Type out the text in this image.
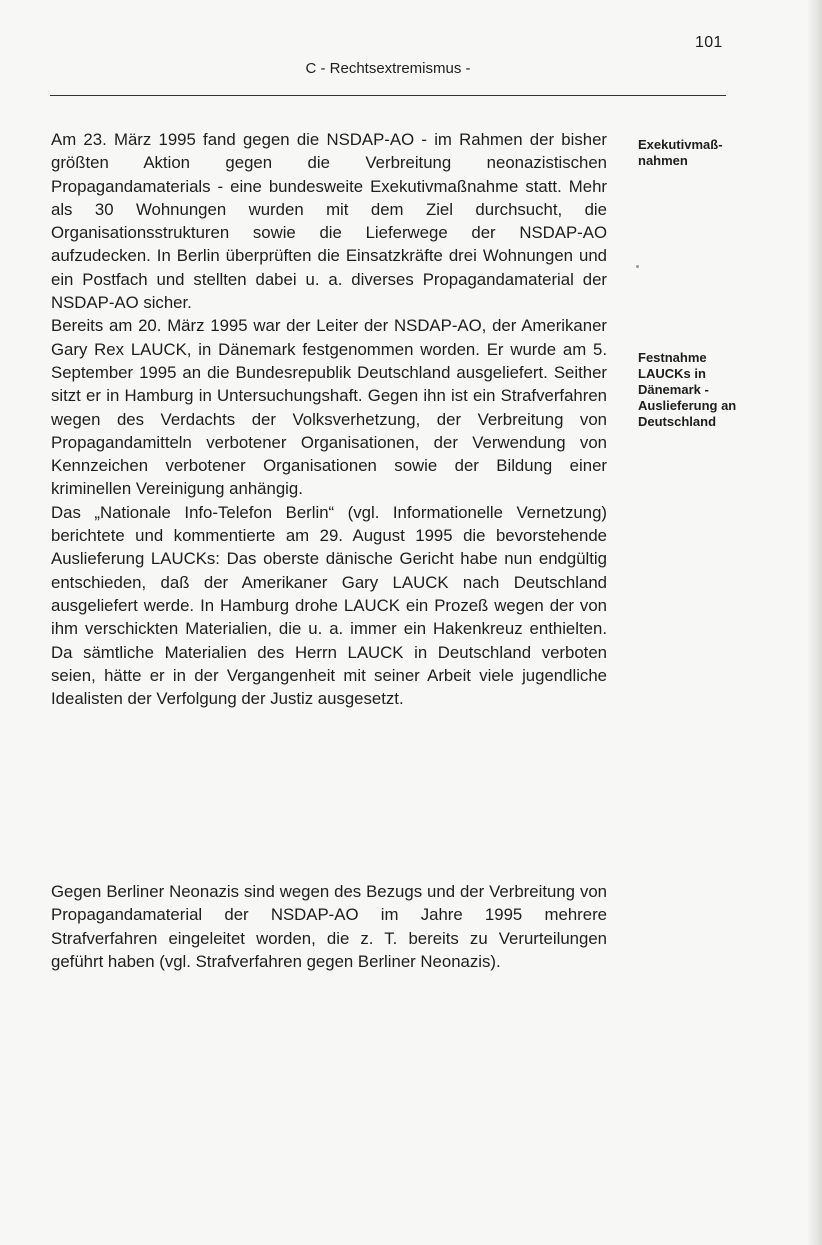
101
C - Rechtsextremismus -

Am 23. März 1995 fand gegen die NSDAP-AO - im Rahmen der bisher größten Aktion gegen die Verbreitung neonazistischen Propagandamaterials - eine bundesweite Exekutivmaßnahme statt. Mehr als 30 Wohnungen wurden mit dem Ziel durchsucht, die Organisationsstrukturen sowie die Lieferwege der NSDAP-AO aufzudecken. In Berlin überprüften die Einsatzkräfte drei Wohnungen und ein Postfach und stellten dabei u. a. diverses Propagandamaterial der NSDAP-AO sicher.

Bereits am 20. März 1995 war der Leiter der NSDAP-AO, der Amerikaner Gary Rex LAUCK, in Dänemark festgenommen worden. Er wurde am 5. September 1995 an die Bundesrepublik Deutschland ausgeliefert. Seither sitzt er in Hamburg in Untersuchungshaft. Gegen ihn ist ein Strafverfahren wegen des Verdachts der Volksverhetzung, der Verbreitung von Propagandamitteln verbotener Organisationen, der Verwendung von Kennzeichen verbotener Organisationen sowie der Bildung einer kriminellen Vereinigung anhängig.

Das „Nationale Info-Telefon Berlin“ (vgl. Informationelle Vernetzung) berichtete und kommentierte am 29. August 1995 die bevorstehende Auslieferung LAUCKs: Das oberste dänische Gericht habe nun endgültig entschieden, daß der Amerikaner Gary LAUCK nach Deutschland ausgeliefert werde. In Hamburg drohe LAUCK ein Prozeß wegen der von ihm verschickten Materialien, die u. a. immer ein Hakenkreuz enthielten. Da sämtliche Materialien des Herrn LAUCK in Deutschland verboten seien, hätte er in der Vergangenheit mit seiner Arbeit viele jugendliche Idealisten der Verfolgung der Justiz ausgesetzt.

Gegen Berliner Neonazis sind wegen des Bezugs und der Verbreitung von Propagandamaterial der NSDAP-AO im Jahre 1995 mehrere Strafverfahren eingeleitet worden, die z. T. bereits zu Verurteilungen geführt haben (vgl. Strafverfahren gegen Berliner Neonazis).

Exekutivmaß-
nahmen
Festnahme
LAUCKs in
Dänemark -
Auslieferung an
Deutschland
